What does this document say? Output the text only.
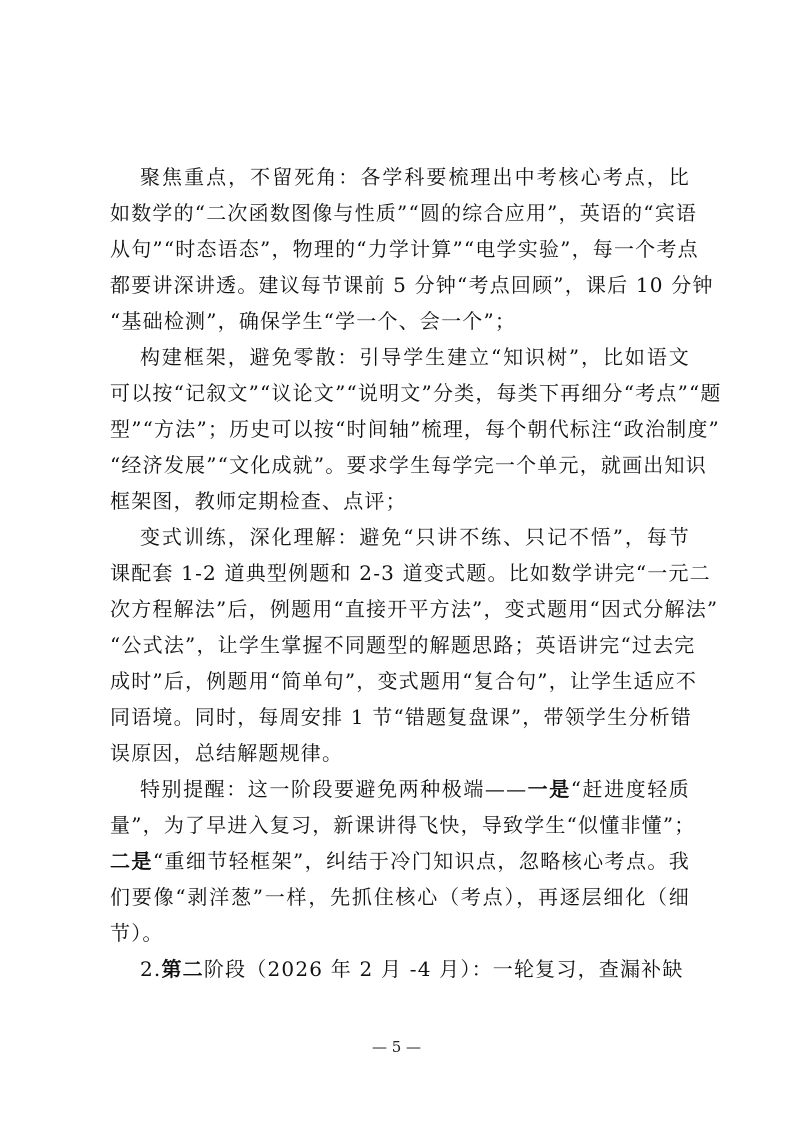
聚焦重点，不留死角：各学科要梳理出中考核心考点，比
如数学的“二次函数图像与性质”“圆的综合应用”，英语的“宾语
从句”“时态语态”，物理的“力学计算”“电学实验”，每一个考点
都要讲深讲透。建议每节课前 5 分钟“考点回顾”，课后 10 分钟
“基础检测”，确保学生“学一个、会一个”；
构建框架，避免零散：引导学生建立“知识树”，比如语文
可以按“记叙文”“议论文”“说明文”分类，每类下再细分“考点”“题
型”“方法”；历史可以按“时间轴”梳理，每个朝代标注“政治制度”
“经济发展”“文化成就”。要求学生每学完一个单元，就画出知识
框架图，教师定期检查、点评；
变式训练，深化理解：避免“只讲不练、只记不悟”，每节
课配套 1-2 道典型例题和 2-3 道变式题。比如数学讲完“一元二
次方程解法”后，例题用“直接开平方法”，变式题用“因式分解法”
“公式法”，让学生掌握不同题型的解题思路；英语讲完“过去完
成时”后，例题用“简单句”，变式题用“复合句”，让学生适应不
同语境。同时，每周安排 1 节“错题复盘课”，带领学生分析错
误原因，总结解题规律。
特别提醒：这一阶段要避免两种极端——一是“赶进度轻质
量”，为了早进入复习，新课讲得飞快，导致学生“似懂非懂”；
二是“重细节轻框架”，纠结于冷门知识点，忽略核心考点。我
们要像“剥洋葱”一样，先抓住核心（考点），再逐层细化（细
节）。
2.第二阶段（2026 年 2 月 -4 月）：一轮复习，查漏补缺
— 5 —
